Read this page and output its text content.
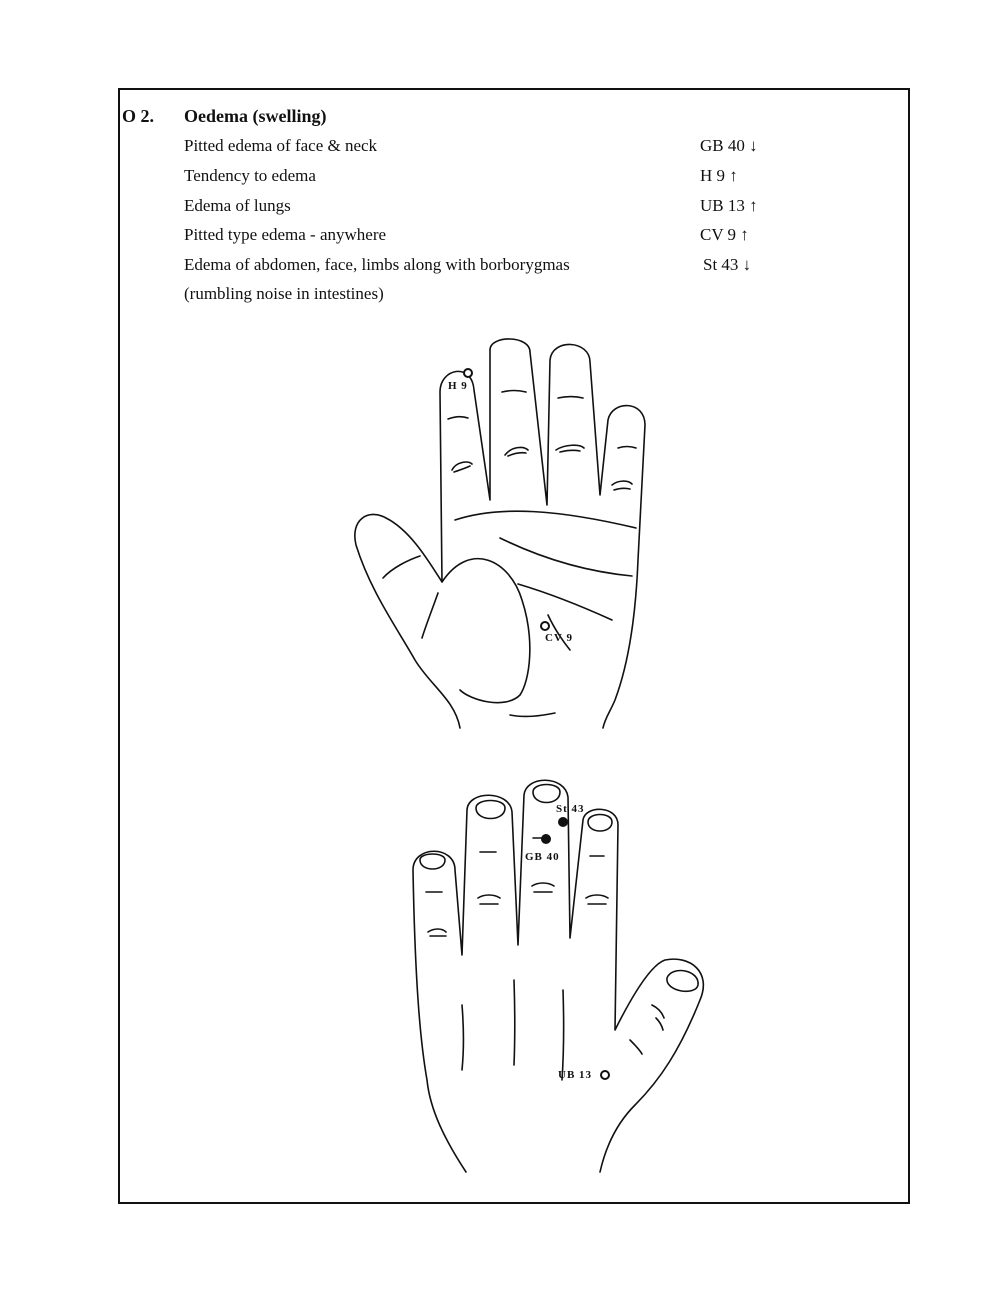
O 2. Oedema (swelling)
Pitted edema of face & neck	GB 40 ↓
Tendency to edema	H 9 ↑
Edema of lungs	UB 13 ↑
Pitted type edema - anywhere	CV 9 ↑
Edema of abdomen, face, limbs along with borborygmas	St 43 ↓
(rumbling noise in intestines)
H 9
CV 9
St 43
GB 40
UB 13
